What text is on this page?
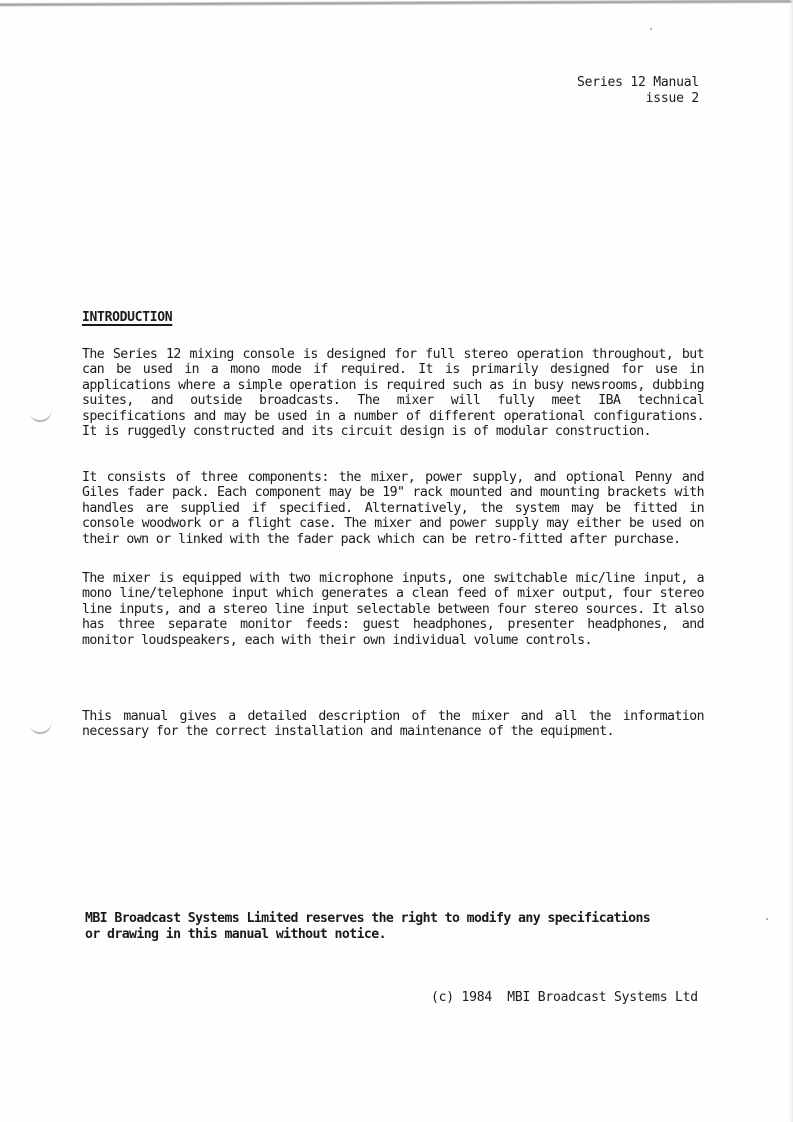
Series 12 Manual
issue 2
INTRODUCTION

The Series 12 mixing console is designed for full stereo operation throughout, but can be used in a mono mode if required. It is primarily designed for use in applications where a simple operation is required such as in busy newsrooms, dubbing suites, and outside broadcasts. The mixer will fully meet IBA technical specifications and may be used in a number of different operational configurations. It is ruggedly constructed and its circuit design is of modular construction.

It consists of three components: the mixer, power supply, and optional Penny and Giles fader pack. Each component may be 19" rack mounted and mounting brackets with handles are supplied if specified. Alternatively, the system may be fitted in console woodwork or a flight case. The mixer and power supply may either be used on their own or linked with the fader pack which can be retro-fitted after purchase.

The mixer is equipped with two microphone inputs, one switchable mic/line input, a mono line/telephone input which generates a clean feed of mixer output, four stereo line inputs, and a stereo line input selectable between four stereo sources. It also has three separate monitor feeds: guest headphones, presenter headphones, and monitor loudspeakers, each with their own individual volume controls.

This manual gives a detailed description of the mixer and all the information necessary for the correct installation and maintenance of the equipment.

MBI Broadcast Systems Limited reserves the right to modify any specifications
or drawing in this manual without notice.
(c) 1984  MBI Broadcast Systems Ltd
